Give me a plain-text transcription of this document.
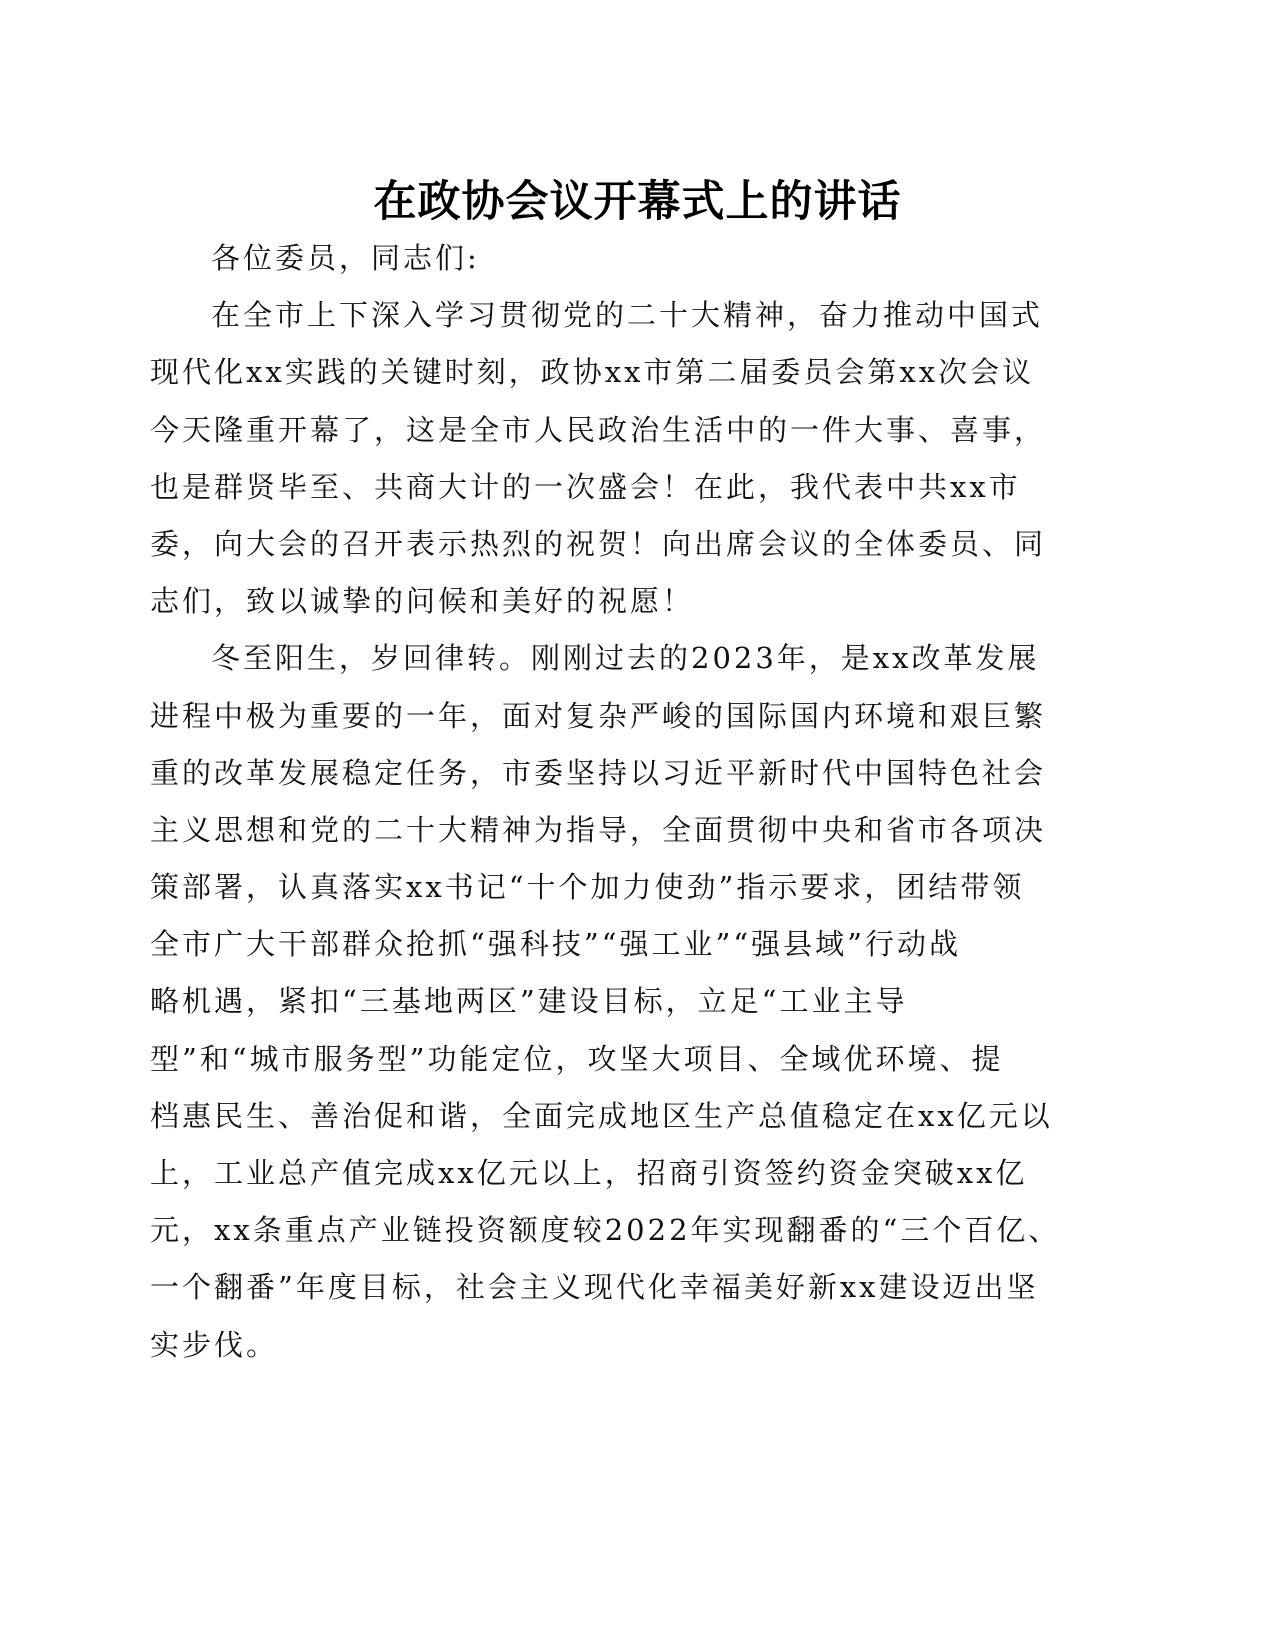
在政协会议开幕式上的讲话
各位委员，同志们:
在全市上下深入学习贯彻党的二十大精神，奋力推动中国式
现代化xx实践的关键时刻，政协xx市第二届委员会第xx次会议
今天隆重开幕了，这是全市人民政治生活中的一件大事、喜事，
也是群贤毕至、共商大计的一次盛会！在此，我代表中共xx市
委，向大会的召开表示热烈的祝贺！向出席会议的全体委员、同
志们，致以诚挚的问候和美好的祝愿！
冬至阳生，岁回律转。刚刚过去的2023年，是xx改革发展
进程中极为重要的一年，面对复杂严峻的国际国内环境和艰巨繁
重的改革发展稳定任务，市委坚持以习近平新时代中国特色社会
主义思想和党的二十大精神为指导，全面贯彻中央和省市各项决
策部署，认真落实xx书记“十个加力使劲”指示要求，团结带领
全市广大干部群众抢抓“强科技”“强工业”“强县域”行动战
略机遇，紧扣“三基地两区”建设目标，立足“工业主导
型”和“城市服务型”功能定位，攻坚大项目、全域优环境、提
档惠民生、善治促和谐，全面完成地区生产总值稳定在xx亿元以
上，工业总产值完成xx亿元以上，招商引资签约资金突破xx亿
元，xx条重点产业链投资额度较2022年实现翻番的“三个百亿、
一个翻番”年度目标，社会主义现代化幸福美好新xx建设迈出坚
实步伐。
